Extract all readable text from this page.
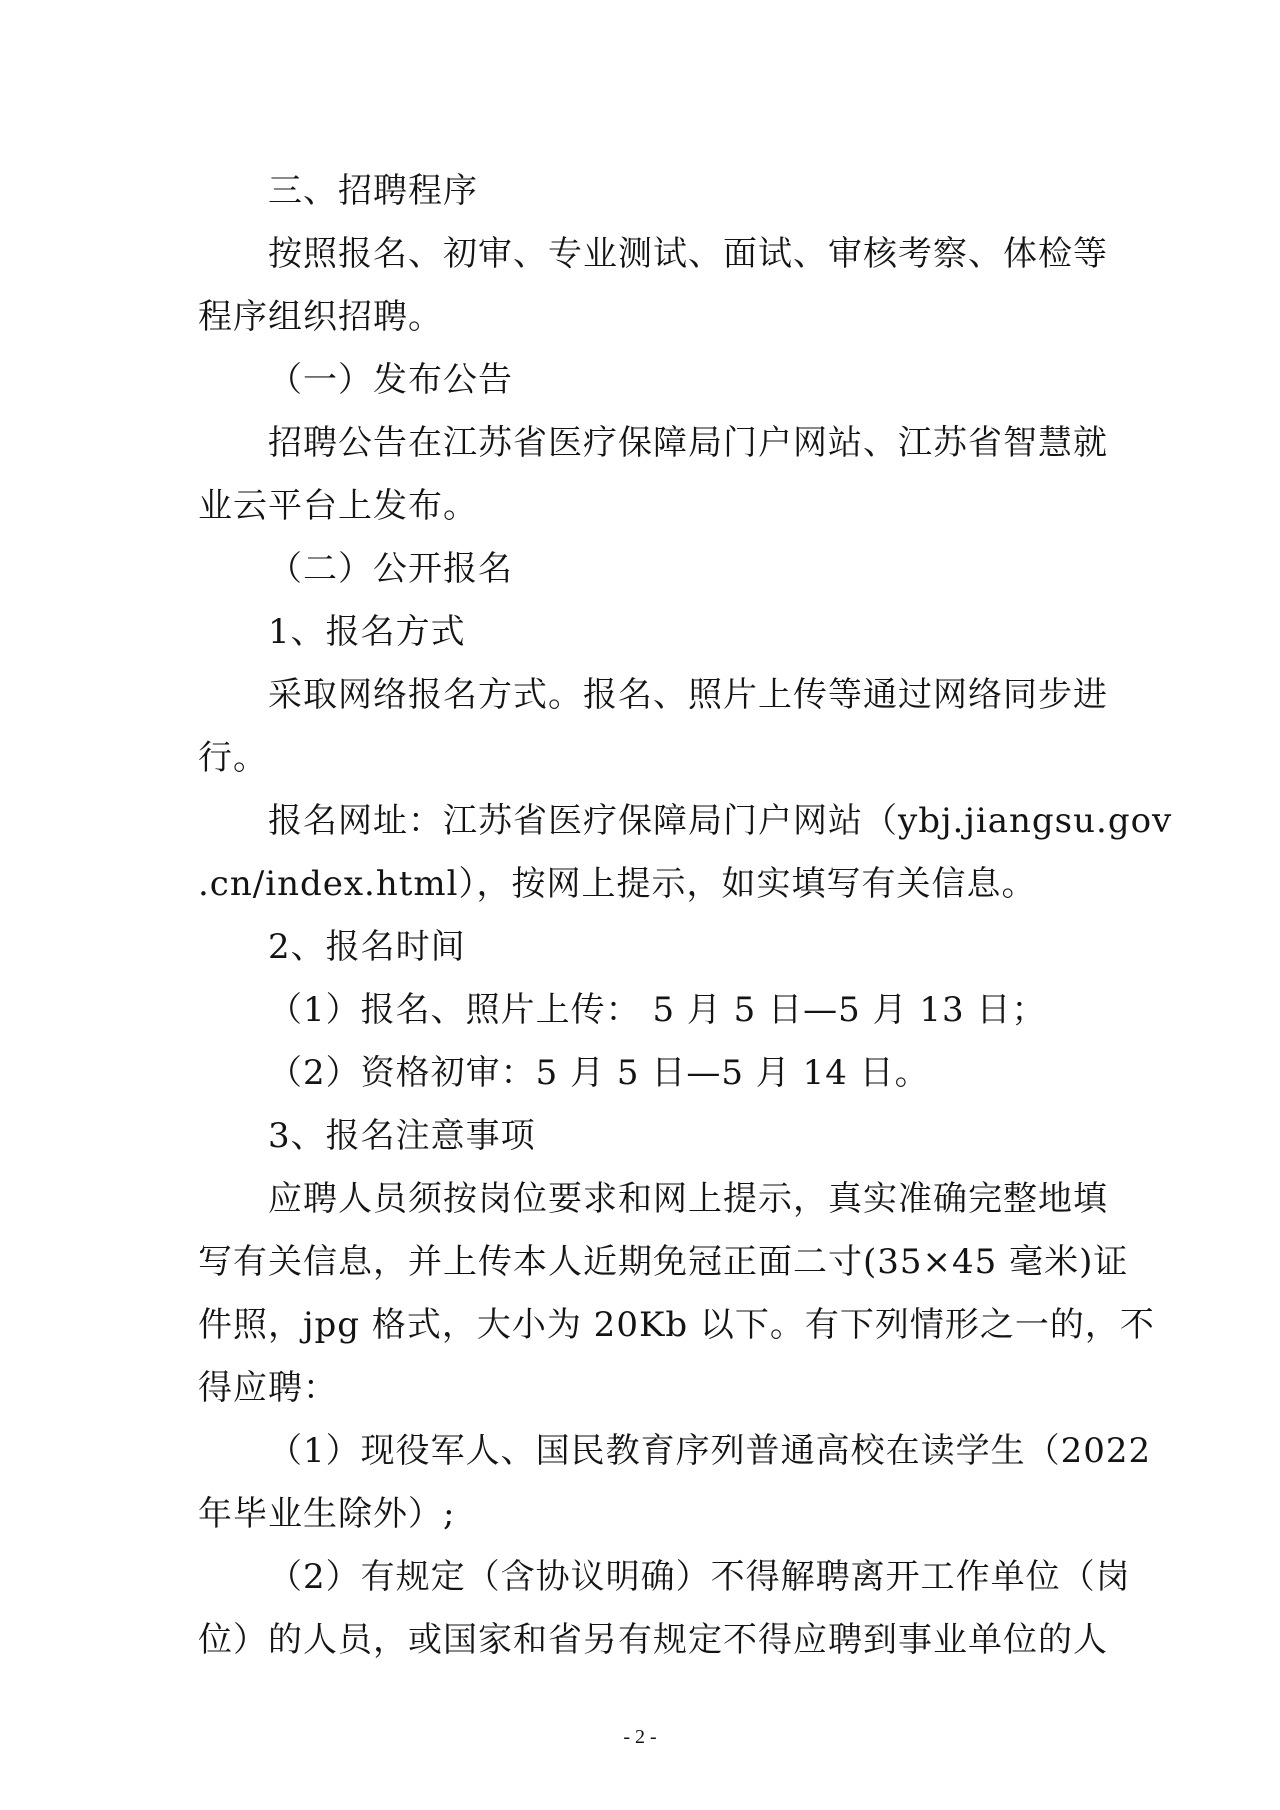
三、招聘程序
按照报名、初审、专业测试、面试、审核考察、体检等
程序组织招聘。
（一）发布公告
招聘公告在江苏省医疗保障局门户网站、江苏省智慧就
业云平台上发布。
（二）公开报名
1、报名方式
采取网络报名方式。报名、照片上传等通过网络同步进
行。
报名网址：江苏省医疗保障局门户网站（ybj.jiangsu.gov
.cn/index.html），按网上提示，如实填写有关信息。
2、报名时间
（1）报名、照片上传： 5 月 5 日—5 月 13 日；
（2）资格初审：5 月 5 日—5 月 14 日。
3、报名注意事项
应聘人员须按岗位要求和网上提示，真实准确完整地填
写有关信息，并上传本人近期免冠正面二寸(35×45 毫米)证
件照，jpg 格式，大小为 20Kb 以下。有下列情形之一的，不
得应聘：
（1）现役军人、国民教育序列普通高校在读学生（2022
年毕业生除外）;
（2）有规定（含协议明确）不得解聘离开工作单位（岗
位）的人员，或国家和省另有规定不得应聘到事业单位的人
- 2 -
